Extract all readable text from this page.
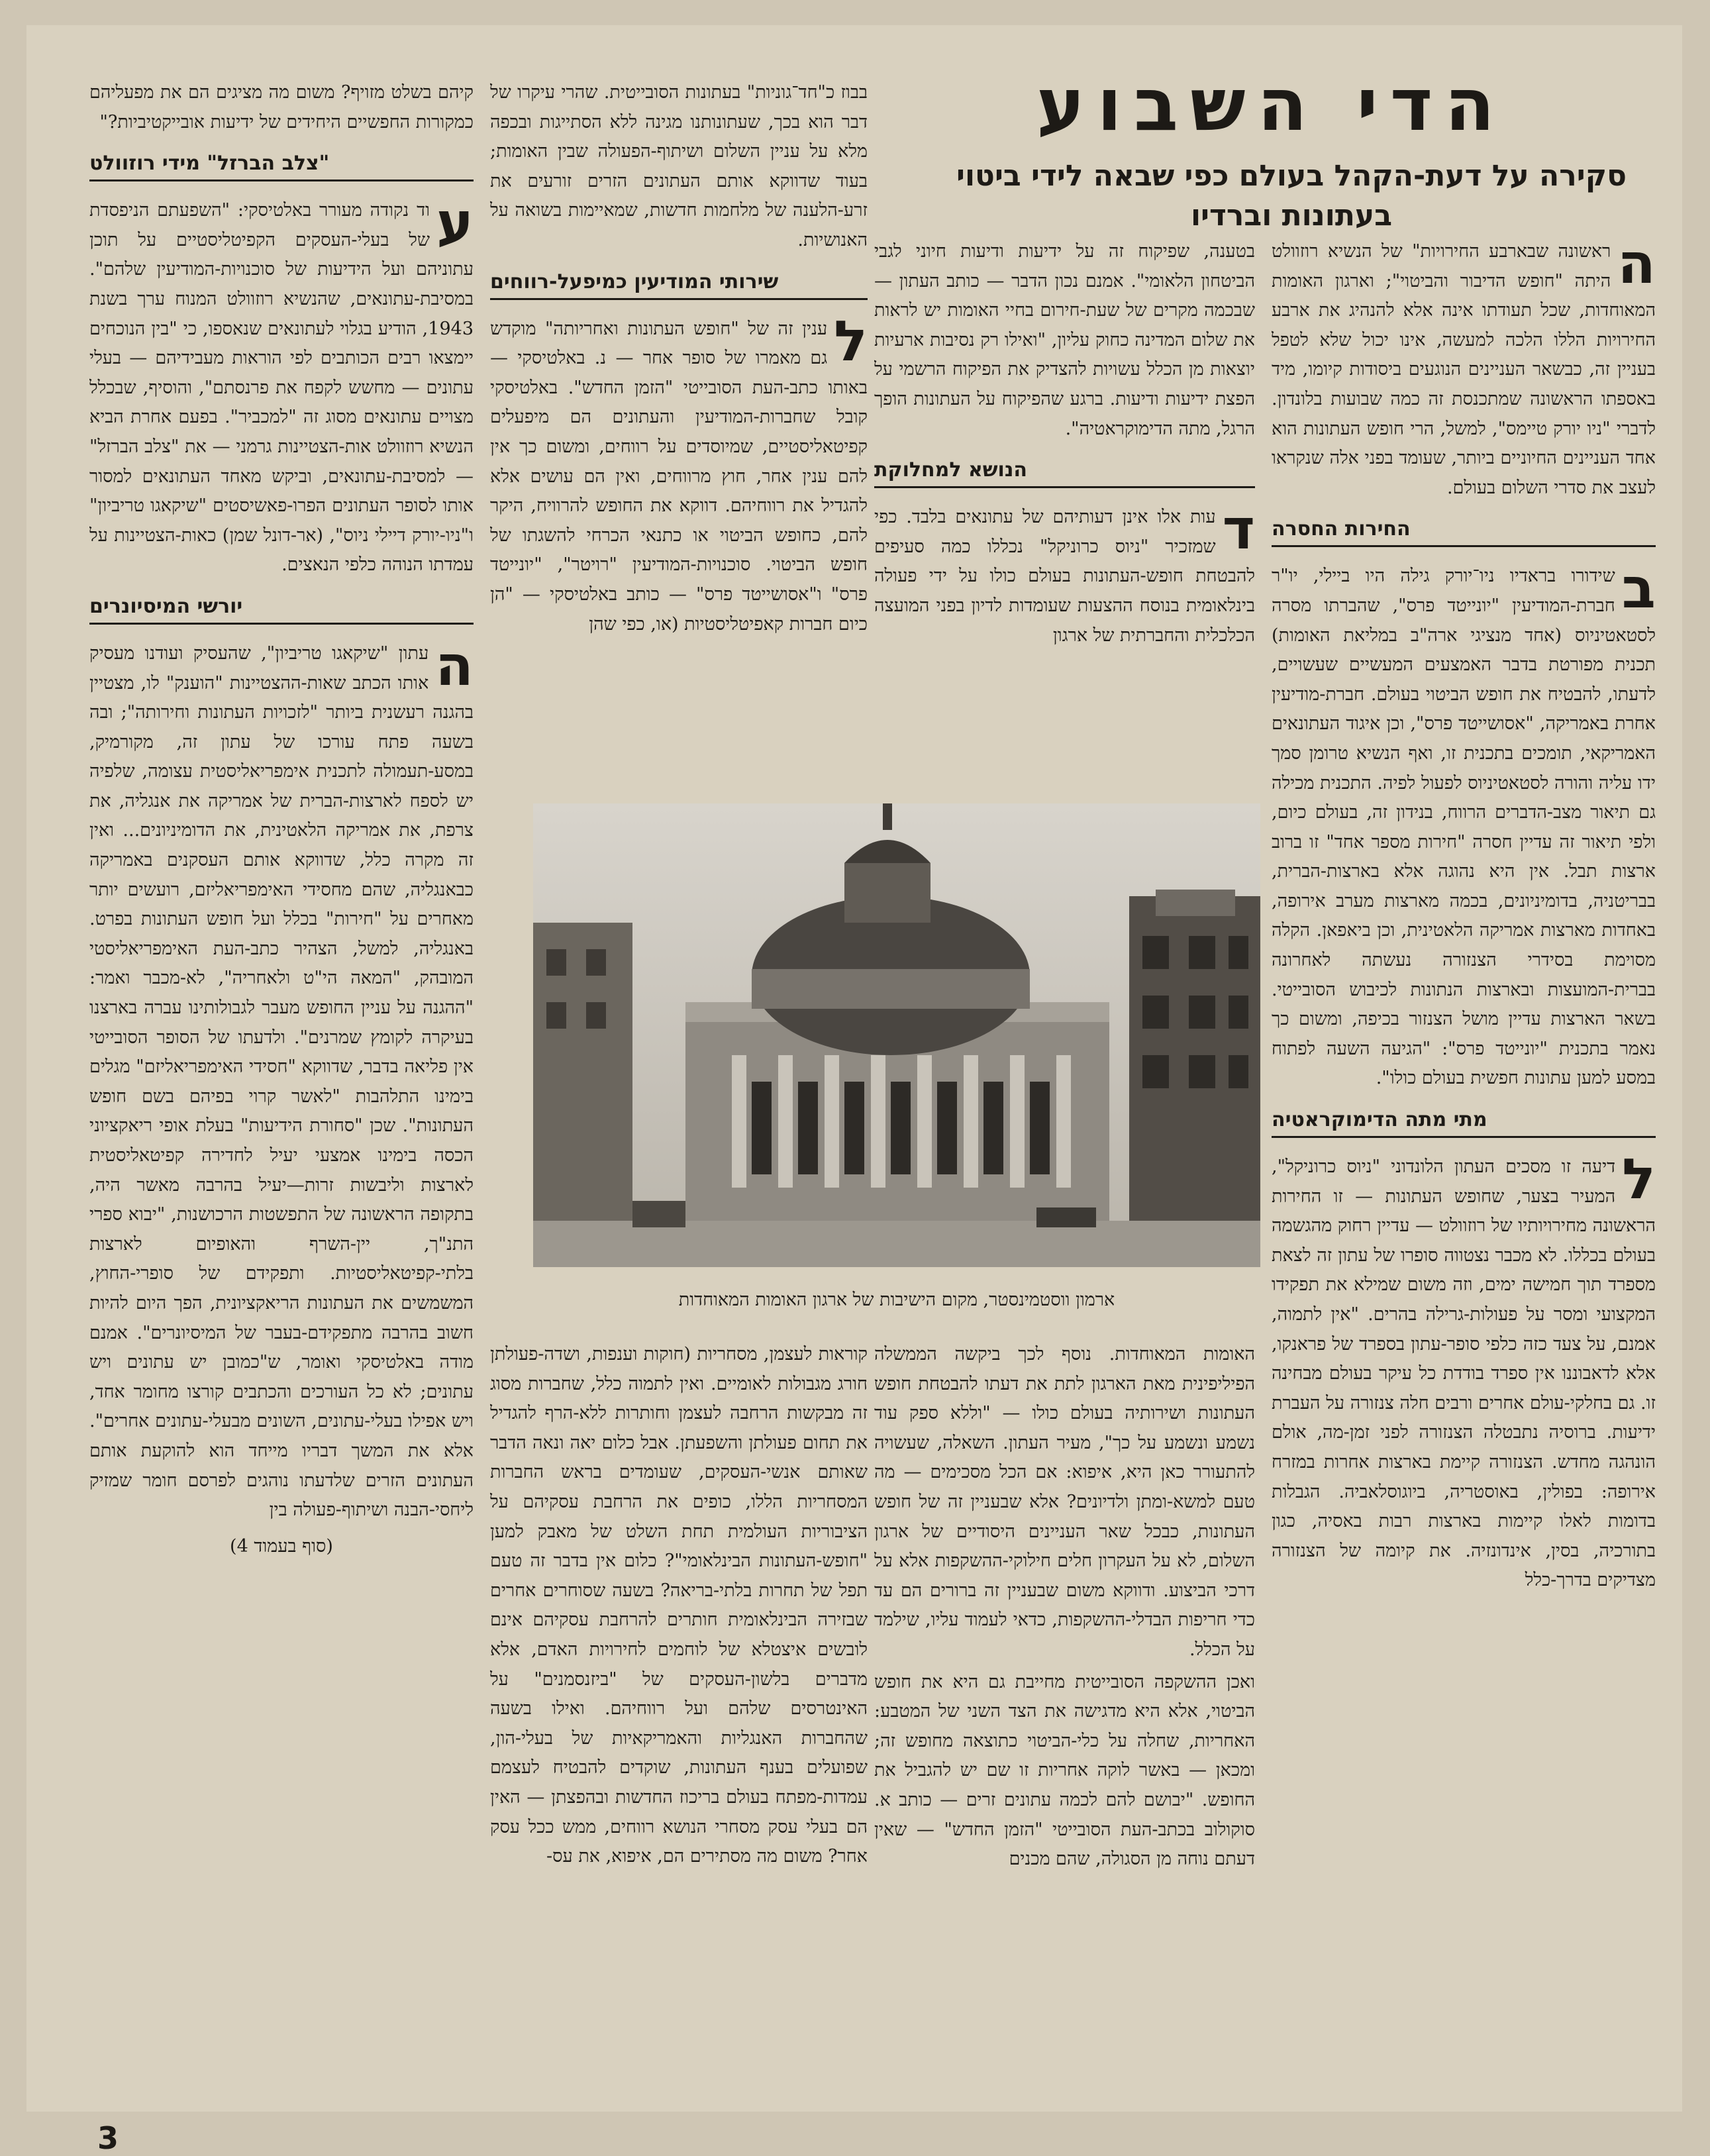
הדי השבוע
סקירה על דעת-הקהל בעולם כפי שבאה לידי ביטוי בעתונות וברדיו

ה
ראשונה שבארבע החירויות" של הנשיא רוזוולט היתה "חופש הדיבור והביטוי"; וארגון האומות המאוחדות, שכל תעודתו אינה אלא להנהיג את ארבע החירויות הללו הלכה למעשה, אינו יכול שלא לטפל בעניין זה, כבשאר העניינים הנוגעים ביסודות קיומו, מיד באספתו הראשונה שמתכנסת זה כמה שבועות בלונדון. לדברי "ניו יורק טיימס", למשל, הרי חופש העתונות הוא אחד העניינים החיוניים ביותר, שעומד בפני אלה שנקראו לעצב את סדרי השלום בעולם.

החירות החסרה

ב
שידורו בראדיו ניו־יורק גילה היו ביילי, יו"ר חברת-המודיעין "יונייטד פרס", שהברתו מסרה לסטאטיניוס (אחד מנציגי ארה"ב במליאת האומות) תכנית מפורטת בדבר האמצעים המעשיים שעשויים, לדעתו, להבטיח את חופש הביטוי בעולם. חברת-מודיעין אחרת באמריקה, "אסושייטד פרס", וכן איגוד העתונאים האמריקאי, תומכים בתכנית זו, ואף הנשיא טרומן סמך ידו עליה והורה לסטאטיניוס לפעול לפיה. התכנית מכילה גם תיאור מצב-הדברים הרווח, בנידון זה, בעולם כיום, ולפי תיאור זה עדיין חסרה "חירות מספר אחד" זו ברוב ארצות תבל. אין היא נהוגה אלא בארצות-הברית, בבריטניה, בדומיניונים, בכמה מארצות מערב אירופה, באחדות מארצות אמריקה הלאטינית, וכן ביאפאן. הקלה מסוימת בסידרי הצנזורה נעשתה לאחרונה בברית-המועצות ובארצות הנתונות לכיבוש הסובייטי. בשאר הארצות עדיין מושל הצנזור בכיפה, ומשום כך נאמר בתכנית "יונייטד פרס": "הגיעה השעה לפתוח במסע למען עתונות חפשית בעולם כולו".

מתי מתה הדימוקראטיה

ל
דיעה זו מסכים העתון הלונדוני "ניוס כרוניקל", המעיר בצער, שחופש העתונות — זו החירות הראשונה מחירויותיו של רוזוולט — עדיין רחוק מהגשמה בעולם בכללו. לא מכבר נצטווה סופרו של עתון זה לצאת מספרד תוך חמישה ימים, וזה משום שמילא את תפקידו המקצועי ומסר על פעולות-גרילה בהרים. "אין לתמוה, אמנם, על צעד כזה כלפי סופר-עתון בספרד של פראנקו, אלא לדאבוננו אין ספרד בודדת כל עיקר בעולם מבחינה זו. גם בחלקי-עולם אחרים ורבים חלה צנזורה על העברת ידיעות. ברוסיה נתבטלה הצנזורה לפני זמן-מה, אולם הונהגה מחדש. הצנזורה קיימת בארצות אחרות במזרח אירופה: בפולין, באוסטריה, ביוגוסלאביה. הגבלות בדומות לאלו קיימות בארצות רבות באסיה, כגון בתורכיה, בסין, אינדונזיה. את קיומה של הצנזורה מצדיקים בדרך-כלל

בטענה, שפיקוח זה על ידיעות ודיעות חיוני לגבי הביטחון הלאומי". אמנם נכון הדבר — כותב העתון — שבכמה מקרים של שעת-חירום בחיי האומות יש לראות את שלום המדינה כחוק עליון, "ואילו רק נסיבות ארעיות יוצאות מן הכלל עשויות להצדיק את הפיקוח הרשמי על הפצת ידיעות ודיעות. ברגע שהפיקוח על העתונות הופך הרגל, מתה הדימוקראטיה".

הנושא למחלוקת

ד
עות אלו אינן דעותיהם של עתונאים בלבד. כפי שמזכיר "ניוס כרוניקל" נכללו כמה סעיפים להבטחת חופש-העתונות בעולם כולו על ידי פעולה בינלאומית בנוסח ההצעות שעומדות לדיון בפני המועצה הכלכלית והחברתית של ארגון

בבוז כ"חד־גוניות" בעתונות הסובייטית. שהרי עיקרו של דבר הוא בכך, שעתונותנו מגינה ללא הסתייגות ובכפה מלא על עניין השלום ושיתוף-הפעולה שבין האומות; בעוד שדווקא אותם העתונים הזרים זורעים את זרע-הלענה של מלחמות חדשות, שמאיימות בשואה על האנושיות.

שירותי המודיעין כמיפעל-רווחים

ל
ענין זה של "חופש העתונות ואחריותה" מוקדש גם מאמרו של סופר אחר — נ. באלטיסקי — באותו כתב-העת הסובייטי "הזמן החדש". באלטיסקי קובל שחברות-המודיעין והעתונים הם מיפעלים קפיטאליסטיים, שמיוסדים על רווחים, ומשום כך אין להם ענין אחר, חוץ מרווחים, ואין הם עושים אלא להגדיל את רווחיהם. דווקא את החופש להרוויח, היקר להם, כחופש הביטוי או כתנאי הכרחי להשגתו של חופש הביטוי. סוכנויות-המודיעין "רויטר", "יונייטד פרס" ו"אסושייטד פרס" — כותב באלטיסקי — "הן כיום חברות קאפיטליסטיות (או, כפי שהן

קיהם בשלט מזויף? משום מה מציגים הם את מפעליהם כמקורות החפשיים היחידים של ידיעות אובייקטיביות?"

"צלב הברזל" מידי רוזוולט

ע
וד נקודה מעורר באלטיסקי: "השפעתם הניפסדת של בעלי-העסקים הקפיטליסטיים על תוכן עתוניהם ועל הידיעות של סוכנויות-המודיעין שלהם". במסיבת-עתונאים, שהנשיא רוזוולט המנוח ערך בשנת 1943, הודיע בגלוי לעתונאים שנאספו, כי "בין הנוכחים יימצאו רבים הכותבים לפי הוראות מעבידיהם — בעלי עתונים — מחשש לקפח את פרנסתם", והוסיף, שבכלל מצויים עתונאים מסוג זה "למכביר". בפעם אחרת הביא הנשיא רוזוולט אות-הצטיינות גרמני — את "צלב הברזל" — למסיבת-עתונאים, וביקש מאחד העתונאים למסור אותו לסופר העתונים הפרו-פאשיסטים "שיקאגו טריביון" ו"ניו-יורק דיילי ניוס", (אר-דונל שמן) כאות-הצטיינות על עמדתו הנוהה כלפי הנאצים.

יורשי המיסיונרים

ה
עתון "שיקאגו טריביון", שהעסיק ועודנו מעסיק אותו הכתב שאות-ההצטיינות "הוענק" לו, מצטיין בהגנה רעשנית ביותר "לזכויות העתונות וחירותה"; ובה בשעה פתח עורכו של עתון זה, מקורמיק, במסע-תעמולה לתכנית אימפריאליסטית עצומה, שלפיה יש לספח לארצות-הברית של אמריקה את אנגליה, את צרפת, את אמריקה הלאטינית, את הדומיניונים... ואין זה מקרה כלל, שדווקא אותם העסקנים באמריקה כבאנגליה, שהם מחסידי האימפריאליזם, רועשים יותר מאחרים על "חירות" בכלל ועל חופש העתונות בפרט. באנגליה, למשל, הצהיר כתב-העת האימפריאליסטי המובהק, "המאה הי"ט ולאחריה", לא-מכבר ואמר: "ההגנה על עניין החופש מעבר לגבולותינו עברה בארצנו בעיקרה לקומץ שמרנים". ולדעתו של הסופר הסובייטי אין פליאה בדבר, שדווקא "חסידי האימפריאליזם" מגלים בימינו התלהבות "לאשר קרוי בפיהם בשם חופש העתונות". שכן "סחורת הידיעות" בעלת אופי ריאקציוני הכסה בימינו אמצעי יעיל לחדירה קפיטאליסטית לארצות וליבשות זרות—יעיל בהרבה מאשר היה, בתקופה הראשונה של התפשטות הרכושנות, "יבוא ספרי התנ"ך, יין-השרף והאופיום לארצות בלתי-קפיטאליסטיות. ותפקידם של סופרי-החוץ, המשמשים את העתונות הריאקציונית, הפך היום להיות חשוב בהרבה מתפקידם-בעבר של המיסיונרים". אמנם מודה באלטיסקי ואומר, ש"כמובן יש עתונים ויש עתונים; לא כל העורכים והכתבים קורצו מחומר אחד, ויש אפילו בעלי-עתונים, השונים מבעלי-עתונים אחרים". אלא את המשך דבריו מייחד הוא להוקעת אותם העתונים הזרים שלדעתו נוהגים לפרסם חומר שמזיק ליחסי-הבנה ושיתוף-פעולה בין

(סוף בעמוד 4)

ארמון ווסטמינסטר, מקום הישיבות של ארגון האומות המאוחדות

האומות המאוחדות. נוסף לכך ביקשה הממשלה הפיליפינית מאת הארגון לתת את דעתו להבטחת חופש העתונות ושירותיה בעולם כולו — "וללא ספק עוד נשמע ונשמע על כך", מעיר העתון. השאלה, שעשויה להתעורר כאן היא, איפוא: אם הכל מסכימים — מה טעם למשא-ומתן ולדיונים? אלא שבעניין זה של חופש העתונות, כבכל שאר העניינים היסודיים של ארגון השלום, לא על העקרון חלים חילוקי-ההשקפות אלא על דרכי הביצוע. ודווקא משום שבעניין זה ברורים הם עד כדי חריפות הבדלי-ההשקפות, כדאי לעמוד עליו, שילמד על הכלל.

ואכן ההשקפה הסובייטית מחייבת גם היא את חופש הביטוי, אלא היא מדגישה את הצד השני של המטבע: האחריות, שחלה על כלי-הביטוי כתוצאה מחופש זה; ומכאן — באשר לוקה אחריות זו שם יש להגביל את החופש. "יבושם להם לכמה עתונים זרים — כותב א. סוקולוב בכתב-העת הסובייטי "הזמן החדש" — שאין דעתם נוחה מן הסגולה, שהם מכנים

קוראות לעצמן, מסחריות (חוקות וענפות, ושדה-פעולתן חורג מגבולות לאומיים. ואין לתמוה כלל, שחברות מסוג זה מבקשות הרחבה לעצמן וחותרות ללא-הרף להגדיל את תחום פעולתן והשפעתן. אבל כלום יאה ונאה הדבר שאותם אנשי-העסקים, שעומדים בראש החברות המסחריות הללו, כופים את הרחבת עסקיהם על הציבוריות העולמית תחת השלט של מאבק למען "חופש-העתונות הבינלאומי"? כלום אין בדבר זה טעם תפל של תחרות בלתי-בריאה? בשעה שסוחרים אחרים שבזירה הבינלאומית חותרים להרחבת עסקיהם אינם לובשים איצטלא של לוחמים לחירויות האדם, אלא מדברים בלשון-העסקים של "ביזנסמנים" על האינטרסים שלהם ועל רווחיהם. ואילו בשעה שהחברות האנגליות והאמריקאיות של בעלי-הון, שפועלים בענף העתונות, שוקדים להבטיח לעצמם עמדות-מפתח בעולם בריכוז החדשות ובהפצתן — האין הם בעלי עסק מסחרי הנושא רווחים, ממש ככל עסק אחר? משום מה מסתירים הם, איפוא, את עס-

3
